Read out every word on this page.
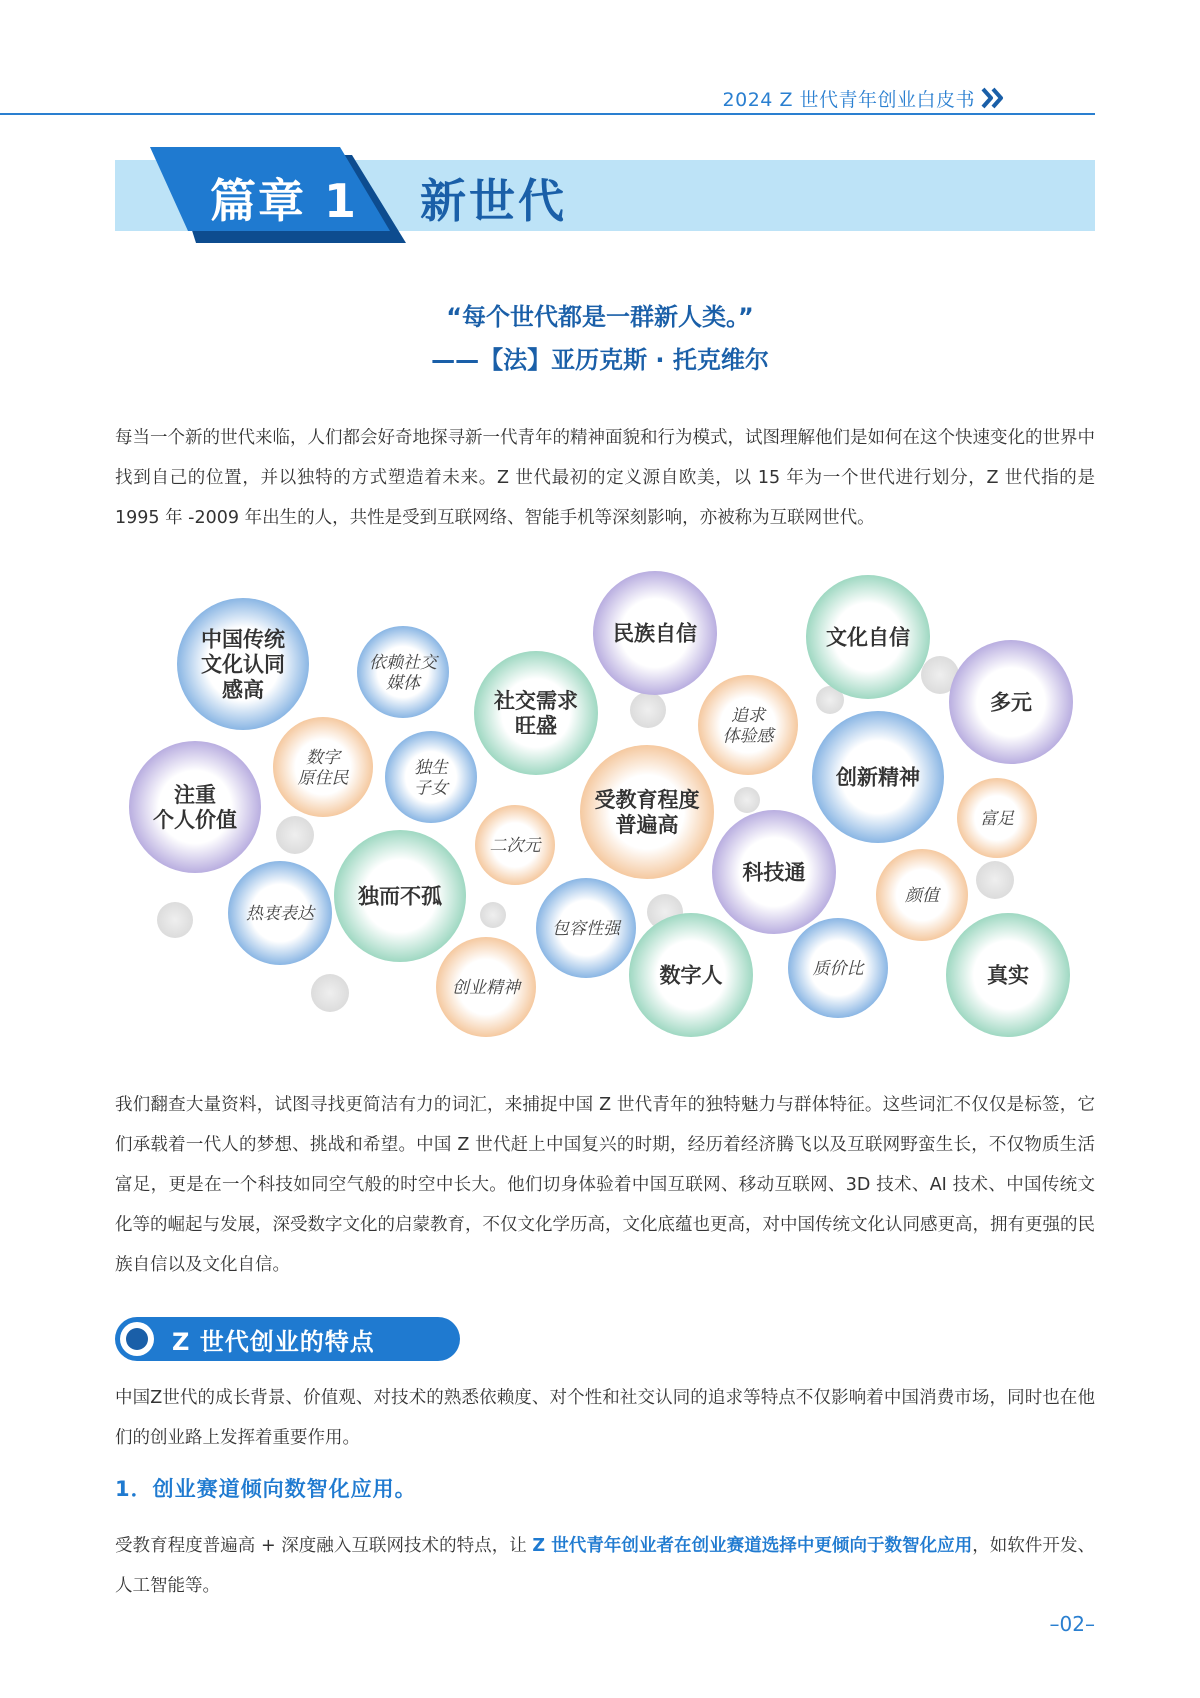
2024 Z 世代青年创业白皮书
篇章 1 新世代
“每个世代都是一群新人类。”
——【法】亚历克斯 · 托克维尔

每当一个新的世代来临，人们都会好奇地探寻新一代青年的精神面貌和行为模式，试图理解他们是如何在这个快速变化的世界中找到自己的位置，并以独特的方式塑造着未来。Z 世代最初的定义源自欧美，以 15 年为一个世代进行划分，Z 世代指的是 1995 年 -2009 年出生的人，共性是受到互联网络、智能手机等深刻影响，亦被称为互联网世代。

中国传统文化认同感高
依赖社交媒体
社交需求旺盛
民族自信	文化自信
多元
数字原住民
独生子女
追求体验感
注重个人价值
受教育程度普遍高
创新精神
二次元
富足
科技通
独而不孤
热衷表达
颜值
包容性强
数字人	质价比
创业精神
真实

我们翻查大量资料，试图寻找更简洁有力的词汇，来捕捉中国 Z 世代青年的独特魅力与群体特征。这些词汇不仅仅是标签，它们承载着一代人的梦想、挑战和希望。中国 Z 世代赶上中国复兴的时期，经历着经济腾飞以及互联网野蛮生长，不仅物质生活富足，更是在一个科技如同空气般的时空中长大。他们切身体验着中国互联网、移动互联网、3D 技术、AI 技术、中国传统文化等的崛起与发展，深受数字文化的启蒙教育，不仅文化学历高，文化底蕴也更高，对中国传统文化认同感更高，拥有更强的民族自信以及文化自信。

Z 世代创业的特点

中国Z世代的成长背景、价值观、对技术的熟悉依赖度、对个性和社交认同的追求等特点不仅影响着中国消费市场，同时也在他们的创业路上发挥着重要作用。

1．创业赛道倾向数智化应用。

受教育程度普遍高 + 深度融入互联网技术的特点，让 Z 世代青年创业者在创业赛道选择中更倾向于数智化应用，如软件开发、人工智能等。

–02–
